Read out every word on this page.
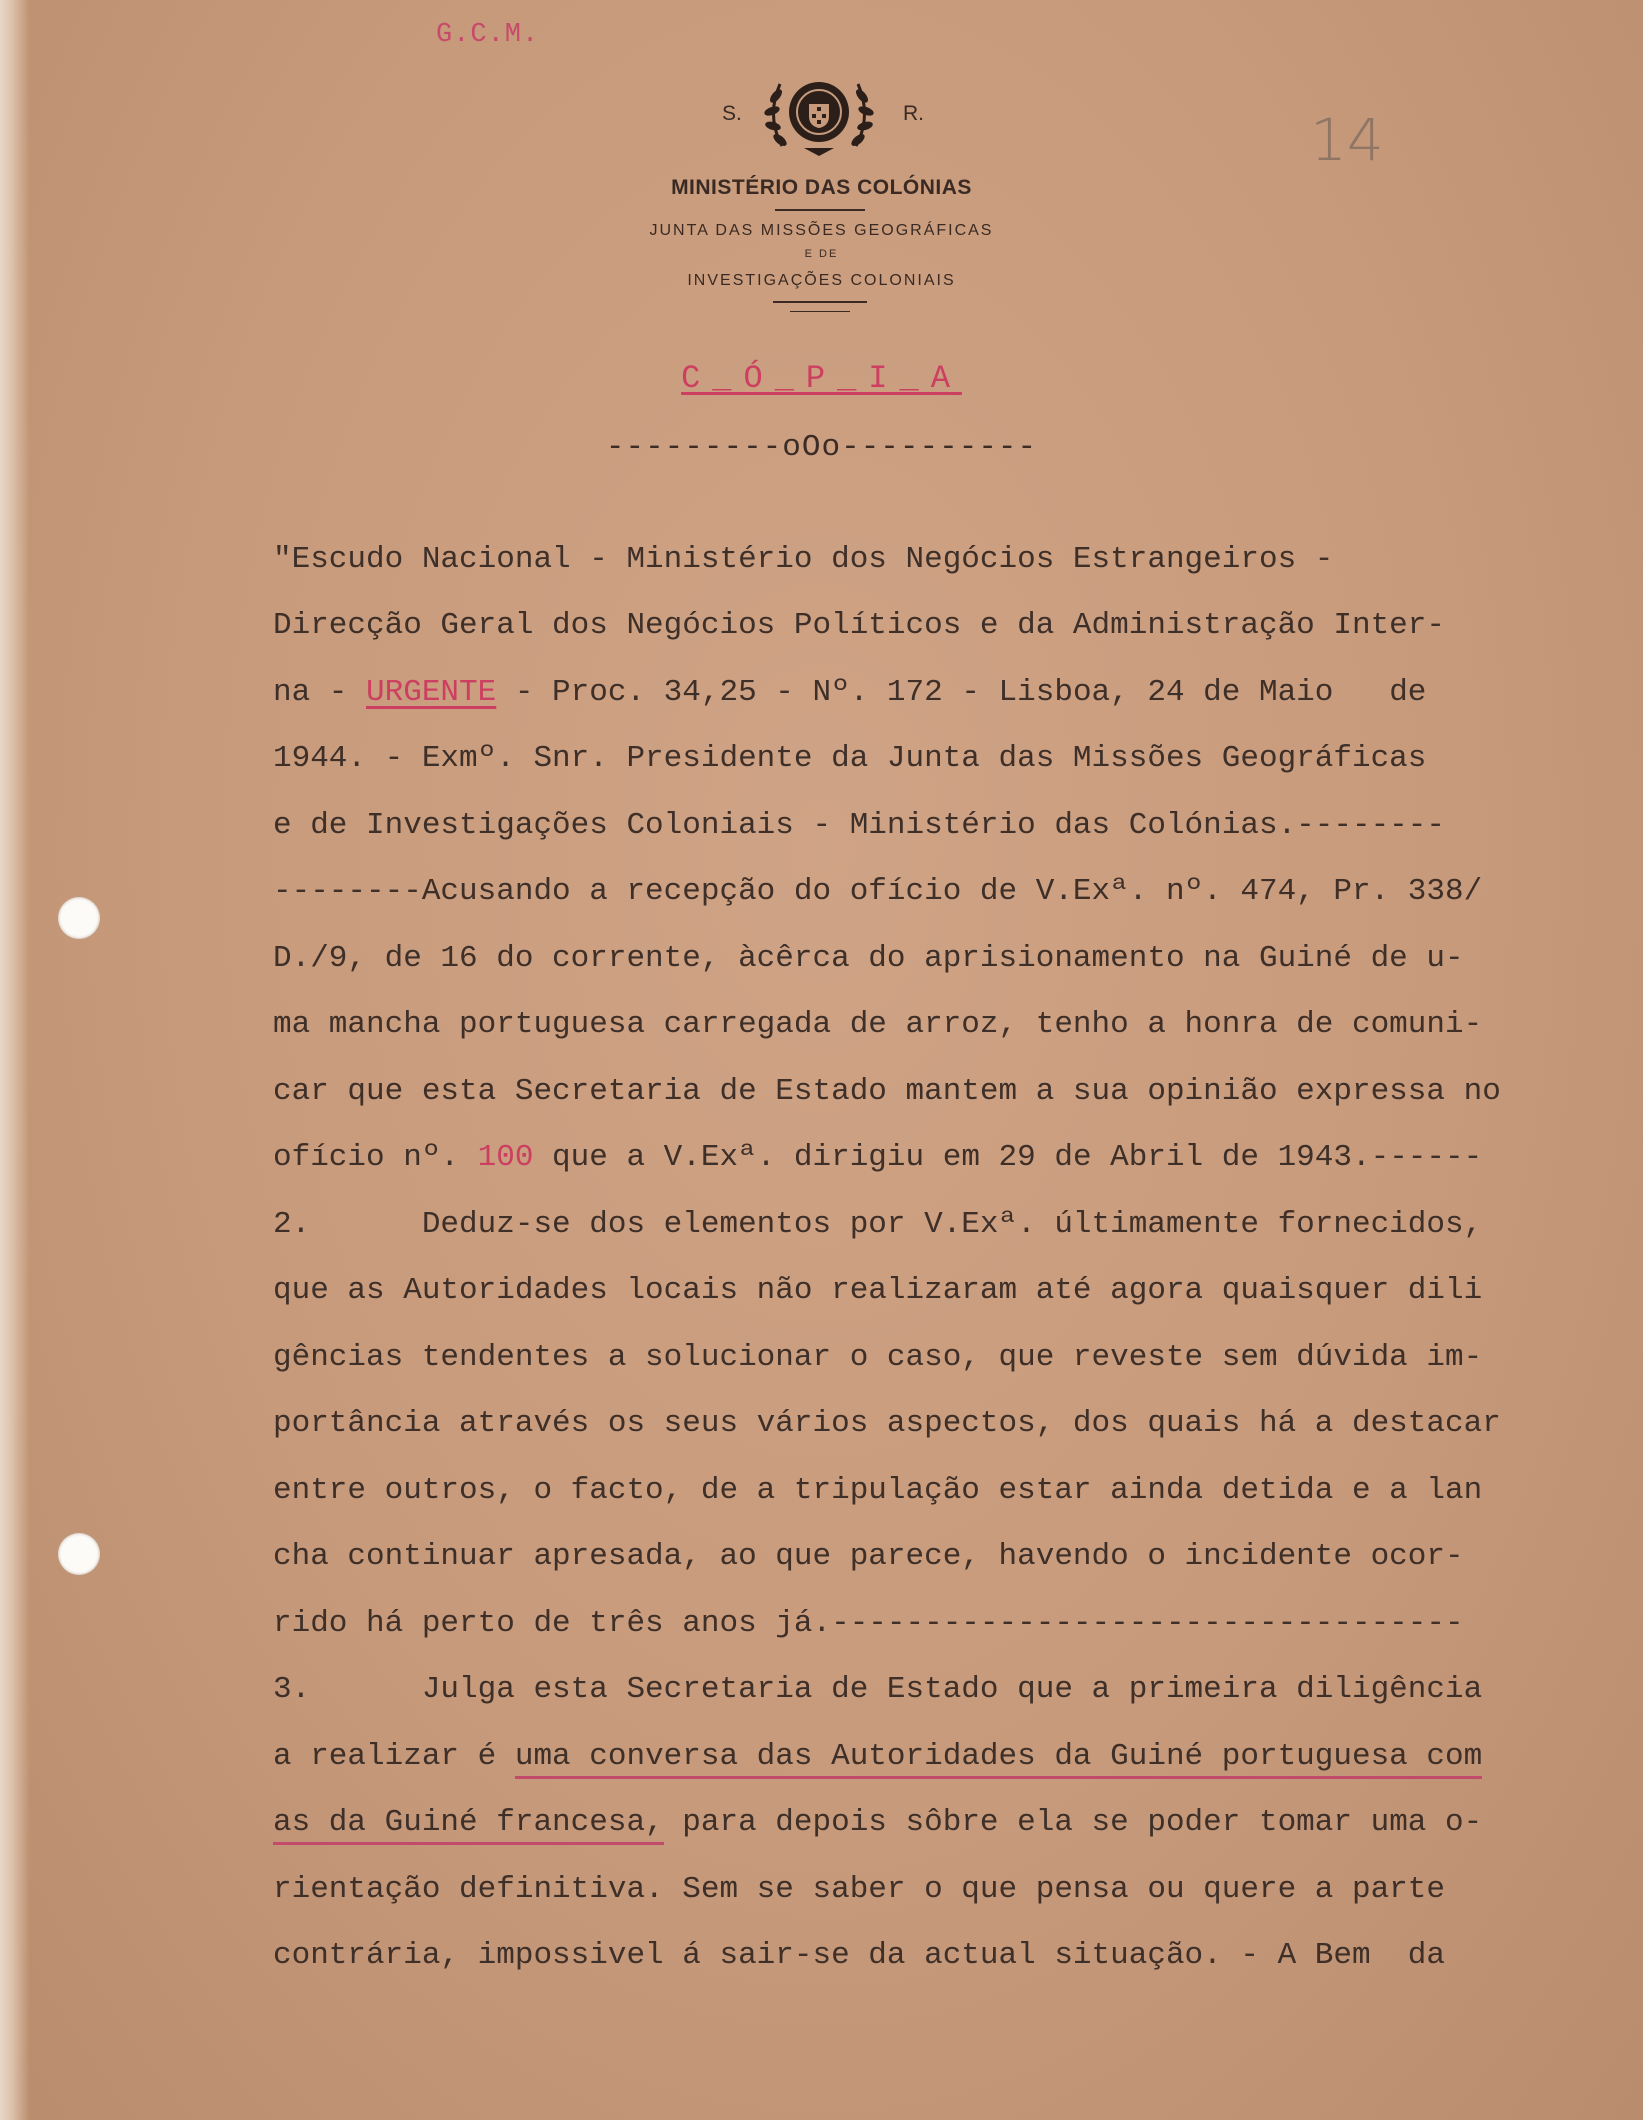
G.C.M.
14
S.	R.
MINISTÉRIO DAS COLÓNIAS
JUNTA DAS MISSÕES GEOGRÁFICAS
E DE
INVESTIGAÇÕES COLONIAIS
C_Ó_P_I_A
---------oOo----------
"Escudo Nacional - Ministério dos Negócios Estrangeiros -
Direcção Geral dos Negócios Políticos e da Administração Inter-
na - URGENTE - Proc. 34,25 - Nº. 172 - Lisboa, 24 de Maio   de
1944. - Exmº. Snr. Presidente da Junta das Missões Geográficas
e de Investigações Coloniais - Ministério das Colónias.--------
--------Acusando a recepção do ofício de V.Exª. nº. 474, Pr. 338/
D./9, de 16 do corrente, àcêrca do aprisionamento na Guiné de u-
ma mancha portuguesa carregada de arroz, tenho a honra de comuni-
car que esta Secretaria de Estado mantem a sua opinião expressa no
ofício nº. 100 que a V.Exª. dirigiu em 29 de Abril de 1943.------
2.      Deduz-se dos elementos por V.Exª. últimamente fornecidos,
que as Autoridades locais não realizaram até agora quaisquer dili
gências tendentes a solucionar o caso, que reveste sem dúvida im-
portância através os seus vários aspectos, dos quais há a destacar
entre outros, o facto, de a tripulação estar ainda detida e a lan
cha continuar apresada, ao que parece, havendo o incidente ocor-
rido há perto de três anos já.----------------------------------
3.      Julga esta Secretaria de Estado que a primeira diligência
a realizar é uma conversa das Autoridades da Guiné portuguesa com
as da Guiné francesa, para depois sôbre ela se poder tomar uma o-
rientação definitiva. Sem se saber o que pensa ou quere a parte
contrária, impossivel á sair-se da actual situação. - A Bem  da
